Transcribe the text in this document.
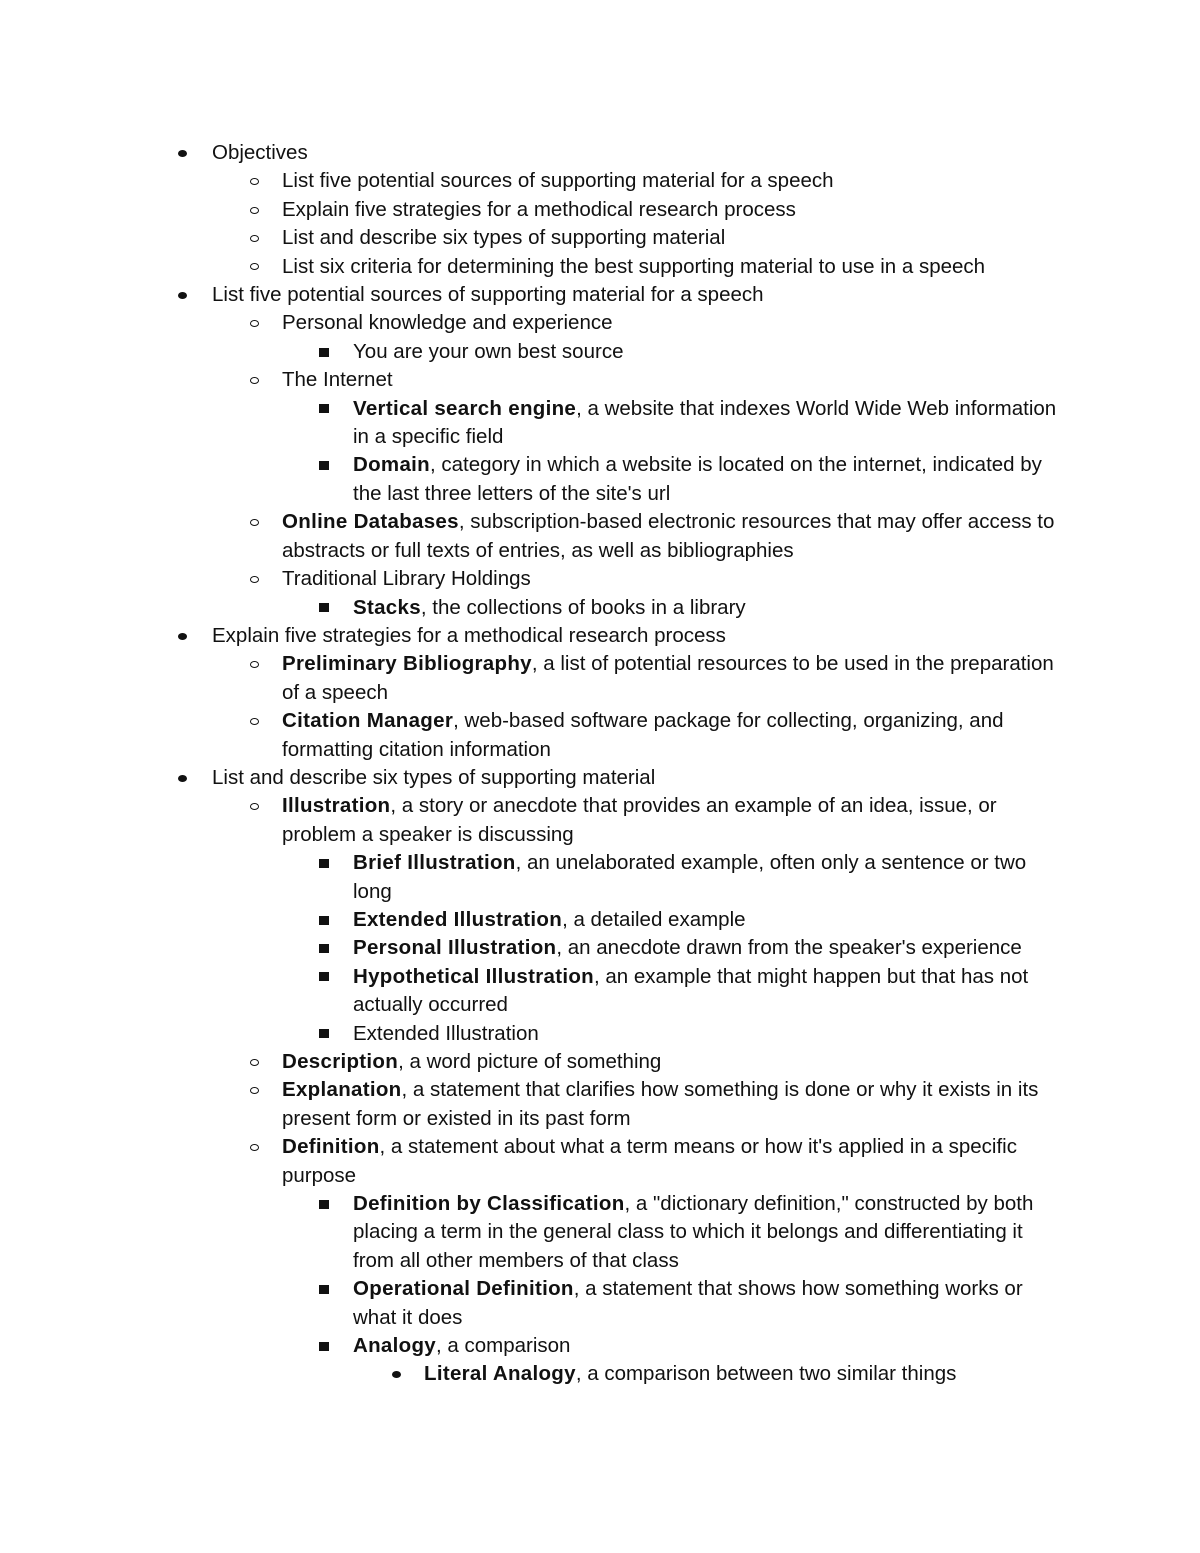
Objectives
List five potential sources of supporting material for a speech
Explain five strategies for a methodical research process
List and describe six types of supporting material
List six criteria for determining the best supporting material to use in a speech
List five potential sources of supporting material for a speech
Personal knowledge and experience
You are your own best source
The Internet
Vertical search engine, a website that indexes World Wide Web information in a specific field
Domain, category in which a website is located on the internet, indicated by the last three letters of the site's url
Online Databases, subscription-based electronic resources that may offer access to abstracts or full texts of entries, as well as bibliographies
Traditional Library Holdings
Stacks, the collections of books in a library
Explain five strategies for a methodical research process
Preliminary Bibliography, a list of potential resources to be used in the preparation of a speech
Citation Manager, web-based software package for collecting, organizing, and formatting citation information
List and describe six types of supporting material
Illustration, a story or anecdote that provides an example of an idea, issue, or problem a speaker is discussing
Brief Illustration, an unelaborated example, often only a sentence or two long
Extended Illustration, a detailed example
Personal Illustration, an anecdote drawn from the speaker's experience
Hypothetical Illustration, an example that might happen but that has not actually occurred
Extended Illustration
Description, a word picture of something
Explanation, a statement that clarifies how something is done or why it exists in its present form or existed in its past form
Definition, a statement about what a term means or how it's applied in a specific purpose
Definition by Classification, a "dictionary definition," constructed by both placing a term in the general class to which it belongs and differentiating it from all other members of that class
Operational Definition, a statement that shows how something works or what it does
Analogy, a comparison
Literal Analogy, a comparison between two similar things
